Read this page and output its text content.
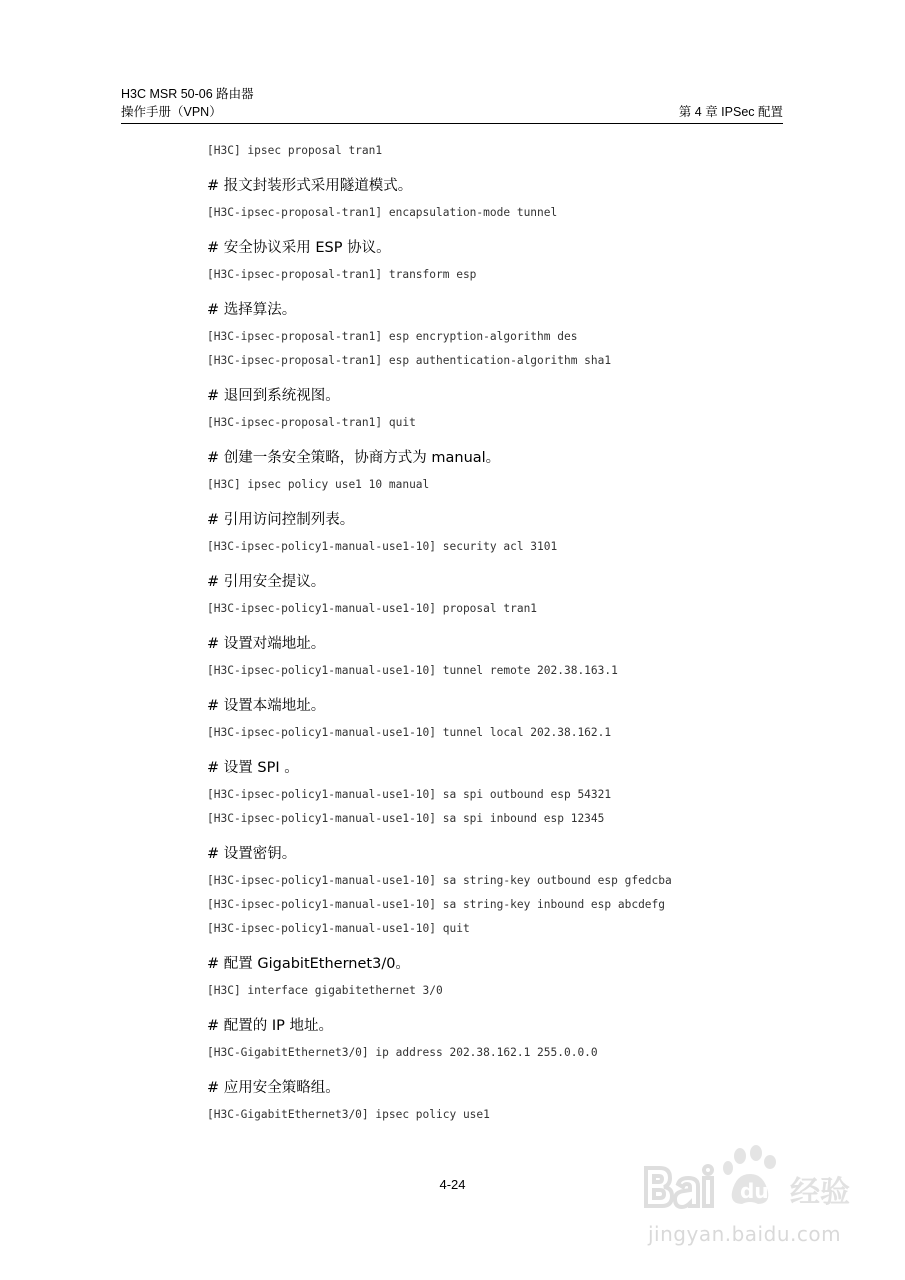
H3C MSR 50-06 路由器
操作手册（VPN）	第 4 章 IPSec 配置
[H3C] ipsec proposal tran1
# 报文封装形式采用隧道模式。
[H3C-ipsec-proposal-tran1] encapsulation-mode tunnel
# 安全协议采用 ESP 协议。
[H3C-ipsec-proposal-tran1] transform esp
# 选择算法。
[H3C-ipsec-proposal-tran1] esp encryption-algorithm des
[H3C-ipsec-proposal-tran1] esp authentication-algorithm sha1
# 退回到系统视图。
[H3C-ipsec-proposal-tran1] quit
# 创建一条安全策略，协商方式为 manual。
[H3C] ipsec policy use1 10 manual
# 引用访问控制列表。
[H3C-ipsec-policy1-manual-use1-10] security acl 3101
# 引用安全提议。
[H3C-ipsec-policy1-manual-use1-10] proposal tran1
# 设置对端地址。
[H3C-ipsec-policy1-manual-use1-10] tunnel remote 202.38.163.1
# 设置本端地址。
[H3C-ipsec-policy1-manual-use1-10] tunnel local 202.38.162.1
# 设置 SPI 。
[H3C-ipsec-policy1-manual-use1-10] sa spi outbound esp 54321
[H3C-ipsec-policy1-manual-use1-10] sa spi inbound esp 12345
# 设置密钥。
[H3C-ipsec-policy1-manual-use1-10] sa string-key outbound esp gfedcba
[H3C-ipsec-policy1-manual-use1-10] sa string-key inbound esp abcdefg
[H3C-ipsec-policy1-manual-use1-10] quit
# 配置 GigabitEthernet3/0。
[H3C] interface gigabitethernet 3/0
# 配置的 IP 地址。
[H3C-GigabitEthernet3/0] ip address 202.38.162.1 255.0.0.0
# 应用安全策略组。
[H3C-GigabitEthernet3/0] ipsec policy use1
4-24	du 经验
jingyan.baidu.com
